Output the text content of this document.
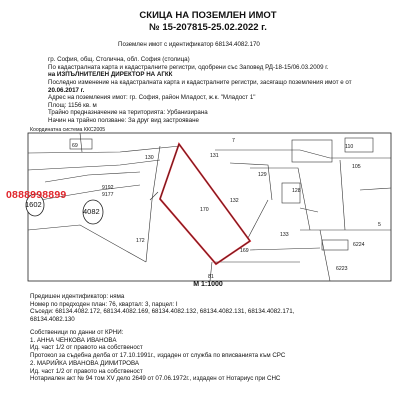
СКИЦА НА ПОЗЕМЛЕН ИМОТ
№ 15-207815-25.02.2022 г.
Поземлен имот с идентификатор 68134.4082.170
гр. София, общ. Столична, обл. София (столица)
По кадастралната карта и кадастралните регистри, одобрени със Заповед РД-18-15/06.03.2009 г.
на ИЗПЪЛНИТЕЛЕН ДИРЕКТОР НА АГКК
Последно изменение на кадастралната карта и кадастралните регистри, засягащо поземления имот е от
20.06.2017 г.
Адрес на поземления имот: гр. София, район Младост, ж.к. "Младост 1"
Площ: 1156 кв. м
Трайно предназначение на територията: Урбанизирана
Начин на трайно ползване: За друг вид застрояване
Координатна система ККС2005
69
7
110
130	131
9192
9177
1602
4082
172
170
132
129
128
133
169
6224
6223
105
5
81
0888998899
М 1:1000
Предишен идентификатор: няма
Номер по предходен план: 76, квартал: 3, парцел: I
Съседи: 68134.4082.172, 68134.4082.169, 68134.4082.132, 68134.4082.131, 68134.4082.171,
68134.4082.130
Собственици по данни от КРНИ:
1. АННА ЧЕНКОВА ИВАНОВА
Ид. част 1/2 от правото на собственост
Протокол за съдебна делба от 17.10.1991г., издаден от служба по вписванията към СРС
2. МАРИЙКА ИВАНОВА ДИМИТРОВА
Ид. част 1/2 от правото на собственост
Нотариален акт № 94 том XV дело 2649 от 07.06.1972г., издаден от Нотариус при СНС
